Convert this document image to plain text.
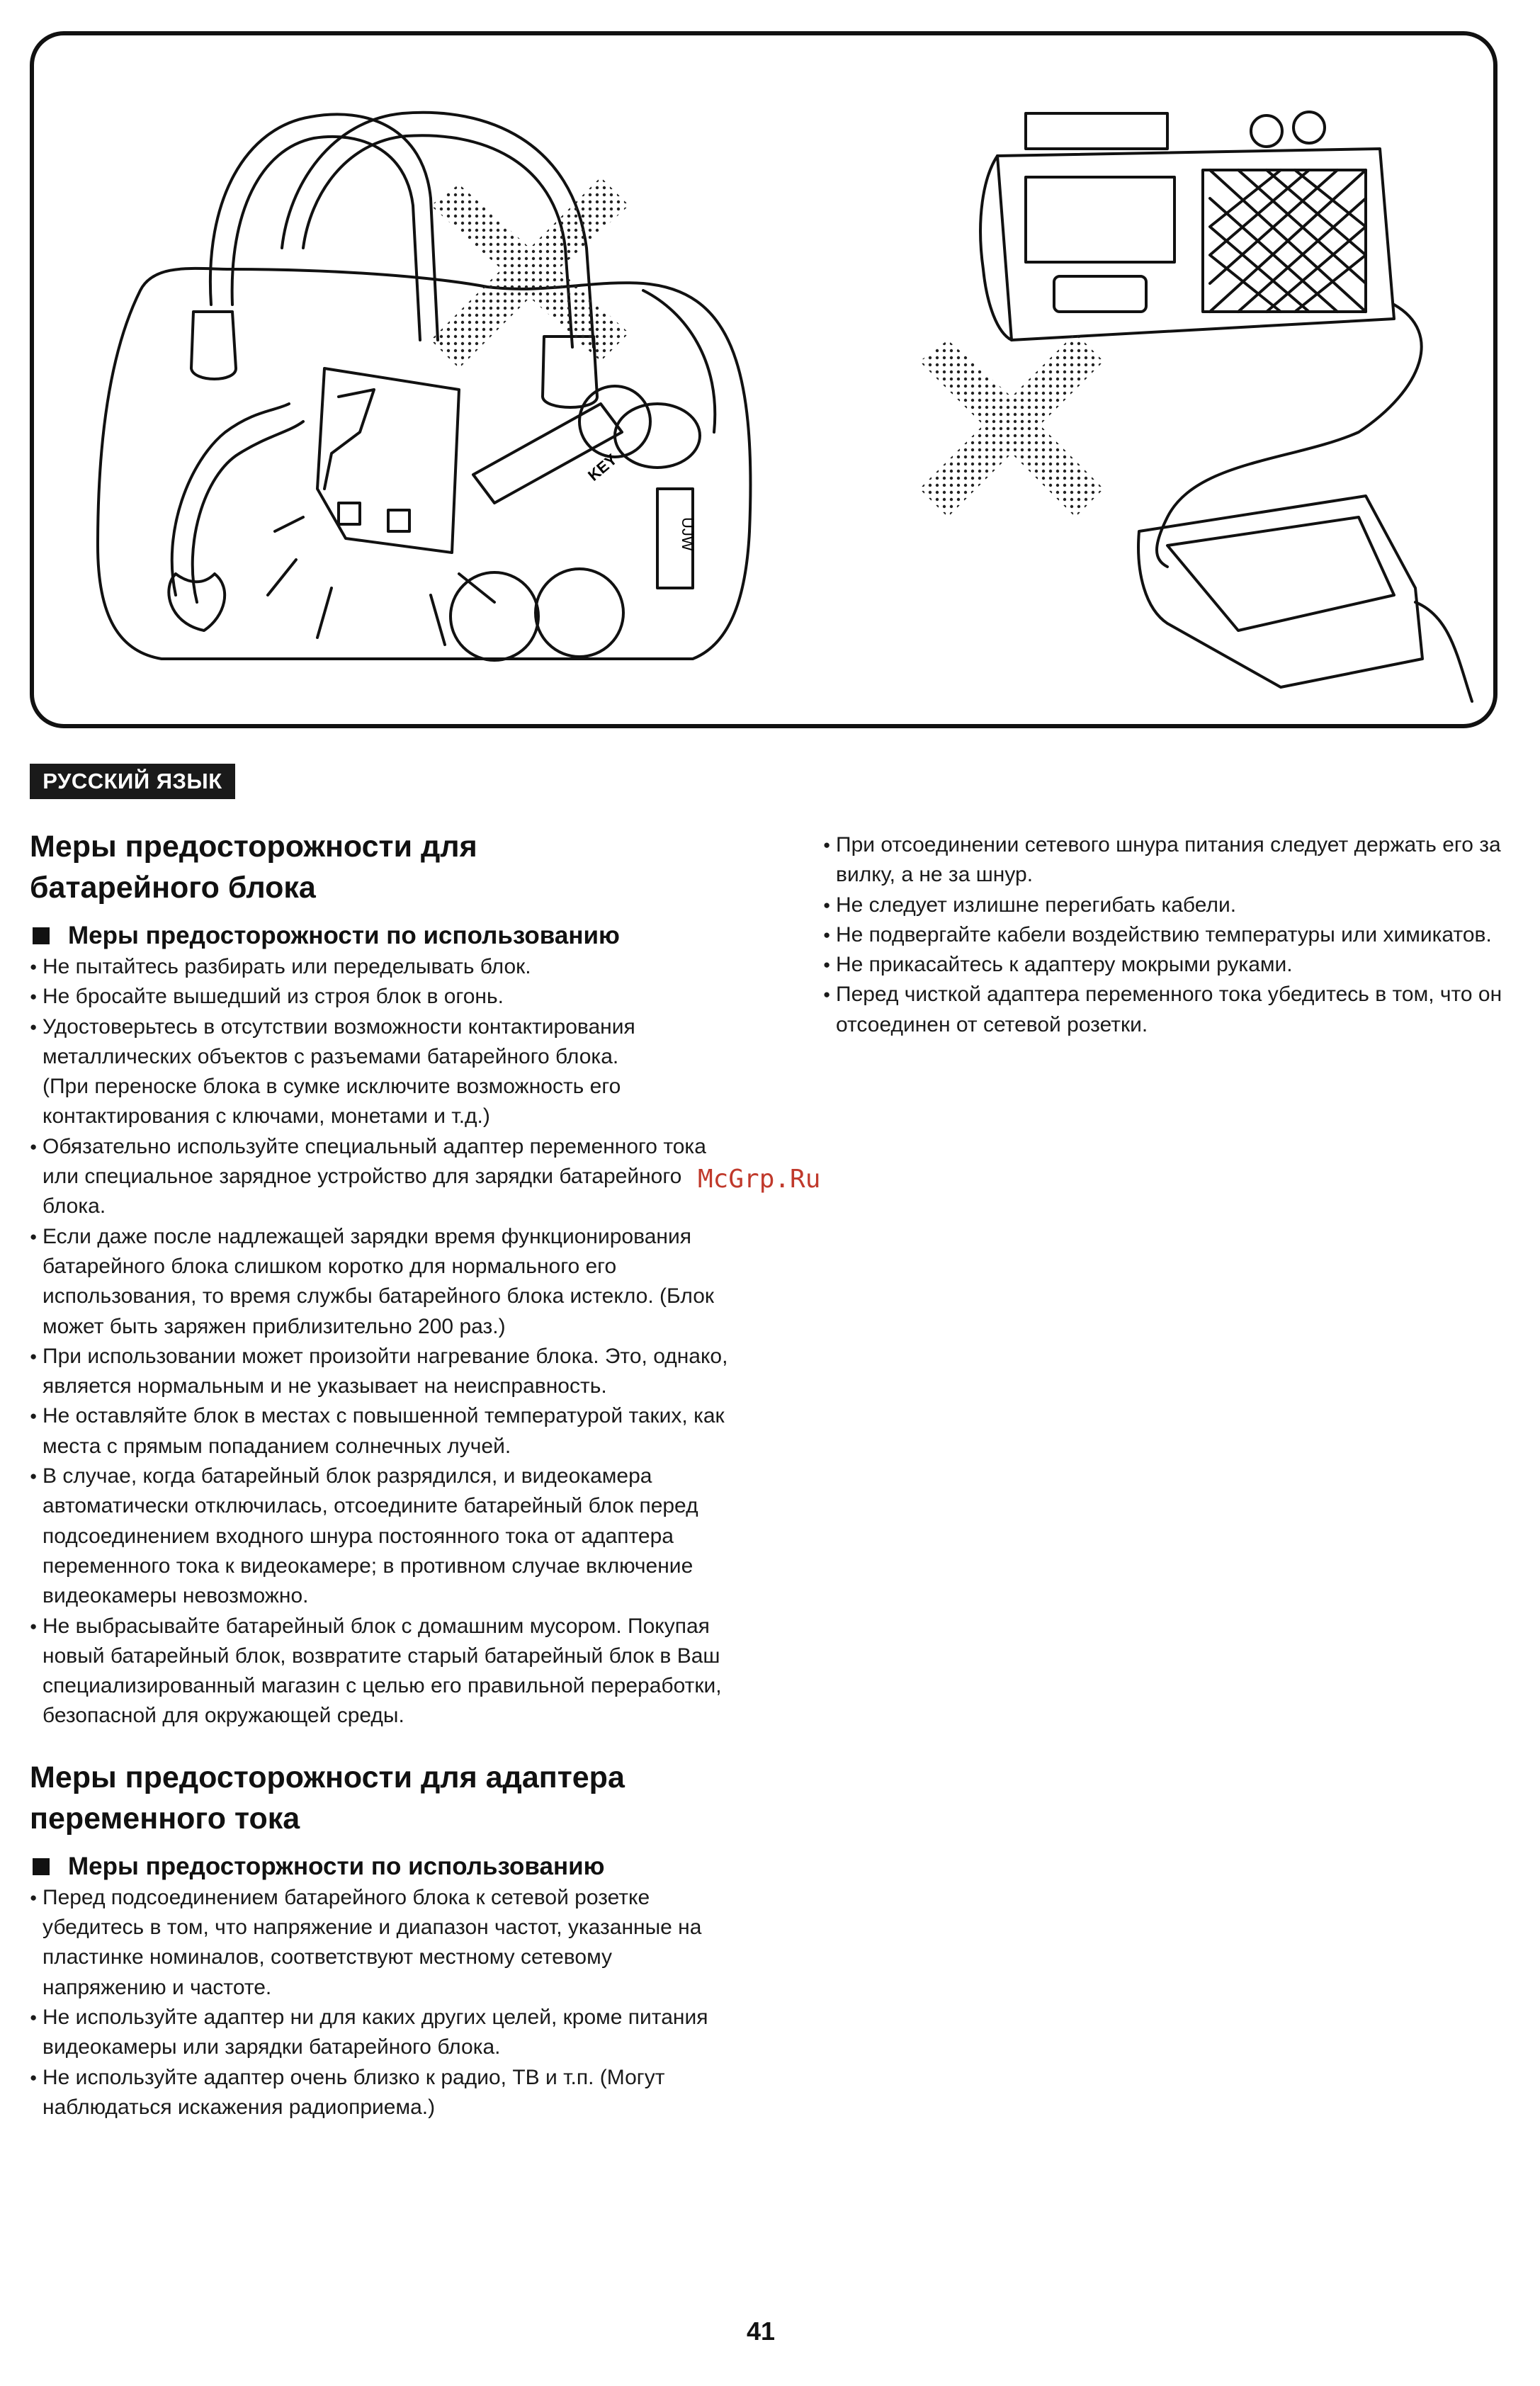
KEY
UJW
РУССКИЙ ЯЗЫК
Меры предосторожности для
батарейного блока
Меры предосторожности по использованию
● Не пытайтесь разбирать или переделывать блок.
● Не бросайте вышедший из строя блок в огонь.
● Удостоверьтесь в отсутствии возможности контактирования металлических объектов с разъемами батарейного блока.
(При переноске блока в сумке исключите возможность его контактирования с ключами, монетами и т.д.)
● Обязательно используйте специальный адаптер переменного тока или специальное зарядное устройство для зарядки батарейного блока.
● Если даже после надлежащей зарядки время функционирования батарейного блока слишком коротко для нормального его использования, то время службы батарейного блока истекло. (Блок может быть заряжен приблизительно 200 раз.)
● При использовании может произойти нагревание блока. Это, однако, является нормальным и не указывает на неисправность.
● Не оставляйте блок в местах с повышенной температурой таких, как места с прямым попаданием солнечных лучей.
● В случае, когда батарейный блок разрядился, и видеокамера автоматически отключилась, отсоедините батарейный блок перед подсоединением входного шнура постоянного тока от адаптера переменного тока к видеокамере; в противном случае включение видеокамеры невозможно.
● Не выбрасывайте батарейный блок с домашним мусором. Покупая новый батарейный блок, возвратите старый батарейный блок в Ваш специализированный магазин с целью его правильной переработки, безопасной для окружающей среды.
Меры предосторожности для адаптера
переменного тока
Меры предосторжности по использованию
● Перед подсоединением батарейного блока к сетевой розетке убедитесь в том, что напряжение и диапазон частот, указанные на пластинке номиналов, соответствуют местному сетевому напряжению и частоте.
● Не используйте адаптер ни для каких других целей, кроме питания видеокамеры или зарядки батарейного блока.
● Не используйте адаптер очень близко к радио, ТВ и т.п. (Могут наблюдаться искажения радиоприема.)
● При отсоединении сетевого шнура питания следует держать его за вилку, а не за шнур.
● Не следует излишне перегибать кабели.
● Не подвергайте кабели воздействию температуры или химикатов.
● Не прикасайтесь к адаптеру мокрыми руками.
● Перед чисткой адаптера переменного тока убедитесь в том, что он отсоединен от сетевой розетки.
McGrp.Ru
41
